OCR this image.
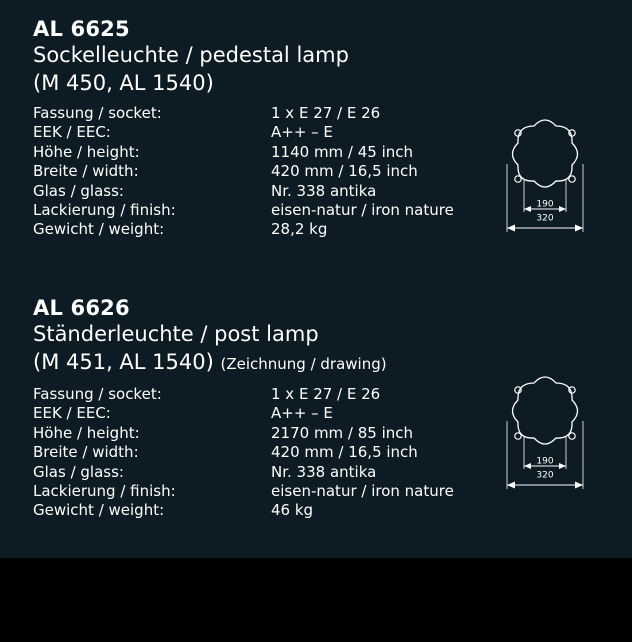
AL 6625
Sockelleuchte / pedestal lamp
(M 450, AL 1540)
Fassung / socket:	1 x E 27 / E 26
EEK / EEC:	A++ – E
Höhe / height:	1140 mm / 45 inch
Breite / width:	420 mm / 16,5 inch
Glas / glass:	Nr. 338 antika
Lackierung / finish:	eisen-natur / iron nature
Gewicht / weight:	28,2 kg
190
320
AL 6626
Ständerleuchte / post lamp
(M 451, AL 1540) (Zeichnung / drawing)
Fassung / socket:	1 x E 27 / E 26
EEK / EEC:	A++ – E
Höhe / height:	2170 mm / 85 inch
Breite / width:	420 mm / 16,5 inch
Glas / glass:	Nr. 338 antika
Lackierung / finish:	eisen-natur / iron nature
Gewicht / weight:	46 kg
190
320
